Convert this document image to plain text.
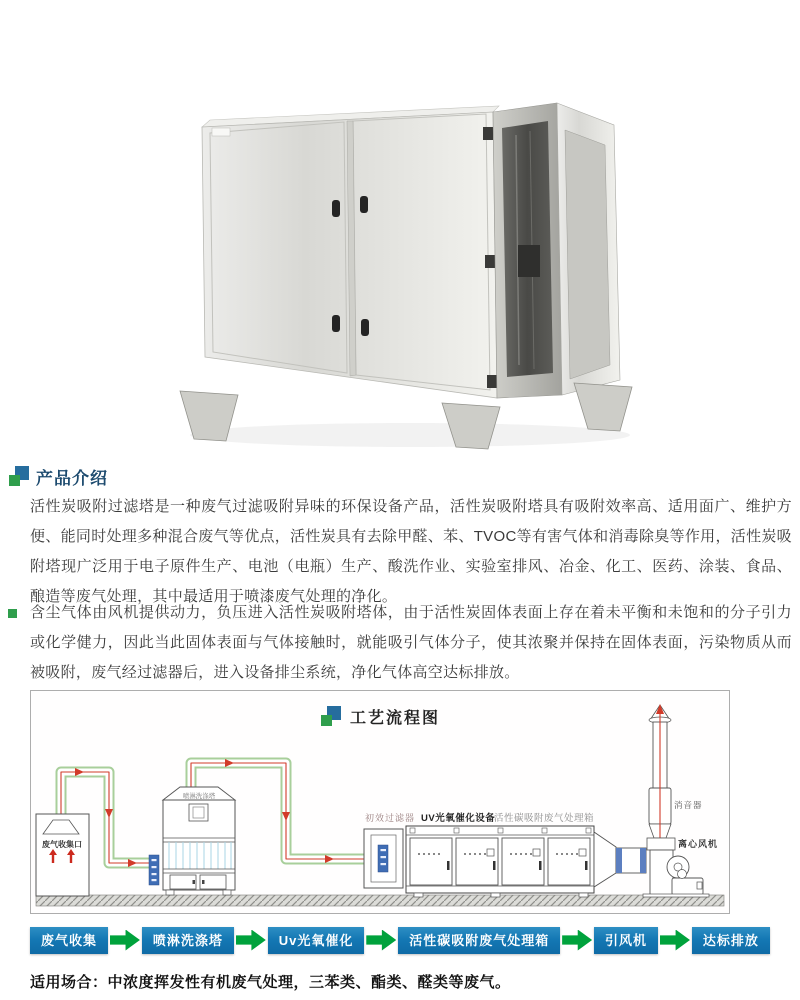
产品介绍
活性炭吸附过滤塔是一种废气过滤吸附异味的环保设备产品，活性炭吸附塔具有吸附效率高、适用面广、维护方便、能同时处理多种混合废气等优点，活性炭具有去除甲醛、苯、TVOC等有害气体和消毒除臭等作用，活性炭吸附塔现广泛用于电子原件生产、电池（电瓶）生产、酸洗作业、实验室排风、冶金、化工、医药、涂装、食品、酿造等废气处理，其中最适用于喷漆废气处理的净化。
含尘气体由风机提供动力，负压进入活性炭吸附塔体，由于活性炭固体表面上存在着未平衡和未饱和的分子引力或化学健力，因此当此固体表面与气体接触时，就能吸引气体分子，使其浓聚并保持在固体表面，污染物质从而被吸附，废气经过滤器后，进入设备排尘系统，净化气体高空达标排放。
废气收集口
喷淋洗涤塔
初效过滤器 UV光氧催化设备
活性碳吸附废气处理箱
消音器
离心风机
工艺流程图
废气收集	喷淋洗涤塔	Uv光氧催化	活性碳吸附废气处理箱	引风机	达标排放
适用场合：中浓度挥发性有机废气处理，三苯类、酯类、醛类等废气。
